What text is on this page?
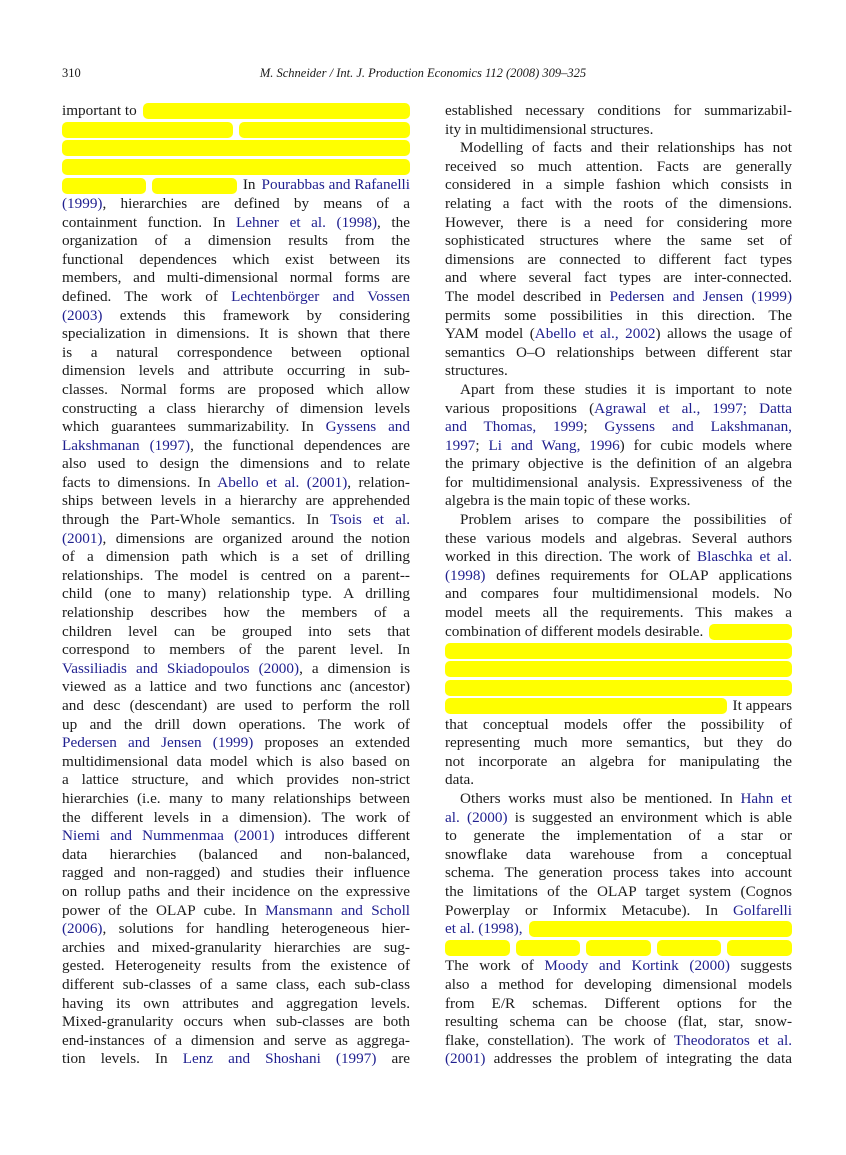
310	M. Schneider / Int. J. Production Economics 112 (2008) 309–325
important to
In Pourabbas and Rafanelli
(1999), hierarchies are defined by means of a
containment function. In Lehner et al. (1998), the
organization of a dimension results from the
functional dependences which exist between its
members, and multi-dimensional normal forms are
defined. The work of Lechtenbörger and Vossen
(2003) extends this framework by considering
specialization in dimensions. It is shown that there
is a natural correspondence between optional
dimension levels and attribute occurring in sub-
classes. Normal forms are proposed which allow
constructing a class hierarchy of dimension levels
which guarantees summarizability. In Gyssens and
Lakshmanan (1997), the functional dependences are
also used to design the dimensions and to relate
facts to dimensions. In Abello et al. (2001), relation-
ships between levels in a hierarchy are apprehended
through the Part-Whole semantics. In Tsois et al.
(2001), dimensions are organized around the notion
of a dimension path which is a set of drilling
relationships. The model is centred on a parent--
child (one to many) relationship type. A drilling
relationship describes how the members of a
children level can be grouped into sets that
correspond to members of the parent level. In
Vassiliadis and Skiadopoulos (2000), a dimension is
viewed as a lattice and two functions anc (ancestor)
and desc (descendant) are used to perform the roll
up and the drill down operations. The work of
Pedersen and Jensen (1999) proposes an extended
multidimensional data model which is also based on
a lattice structure, and which provides non-strict
hierarchies (i.e. many to many relationships between
the different levels in a dimension). The work of
Niemi and Nummenmaa (2001) introduces different
data hierarchies (balanced and non-balanced,
ragged and non-ragged) and studies their influence
on rollup paths and their incidence on the expressive
power of the OLAP cube. In Mansmann and Scholl
(2006), solutions for handling heterogeneous hier-
archies and mixed-granularity hierarchies are sug-
gested. Heterogeneity results from the existence of
different sub-classes of a same class, each sub-class
having its own attributes and aggregation levels.
Mixed-granularity occurs when sub-classes are both
end-instances of a dimension and serve as aggrega-
tion levels. In Lenz and Shoshani (1997) are
established necessary conditions for summarizabil-
ity in multidimensional structures.
Modelling of facts and their relationships has not
received so much attention. Facts are generally
considered in a simple fashion which consists in
relating a fact with the roots of the dimensions.
However, there is a need for considering more
sophisticated structures where the same set of
dimensions are connected to different fact types
and where several fact types are inter-connected.
The model described in Pedersen and Jensen (1999)
permits some possibilities in this direction. The
YAM model (Abello et al., 2002) allows the usage of
semantics O–O relationships between different star
structures.
Apart from these studies it is important to note
various propositions (Agrawal et al., 1997; Datta
and Thomas, 1999; Gyssens and Lakshmanan,
1997; Li and Wang, 1996) for cubic models where
the primary objective is the definition of an algebra
for multidimensional analysis. Expressiveness of the
algebra is the main topic of these works.
Problem arises to compare the possibilities of
these various models and algebras. Several authors
worked in this direction. The work of Blaschka et al.
(1998) defines requirements for OLAP applications
and compares four multidimensional models. No
model meets all the requirements. This makes a
combination of different models desirable.
It appears
that conceptual models offer the possibility of
representing much more semantics, but they do
not incorporate an algebra for manipulating the
data.
Others works must also be mentioned. In Hahn et
al. (2000) is suggested an environment which is able
to generate the implementation of a star or
snowflake data warehouse from a conceptual
schema. The generation process takes into account
the limitations of the OLAP target system (Cognos
Powerplay or Informix Metacube). In Golfarelli
et al. (1998),
The work of Moody and Kortink (2000) suggests
also a method for developing dimensional models
from E/R schemas. Different options for the
resulting schema can be choose (flat, star, snow-
flake, constellation). The work of Theodoratos et al.
(2001) addresses the problem of integrating the data
